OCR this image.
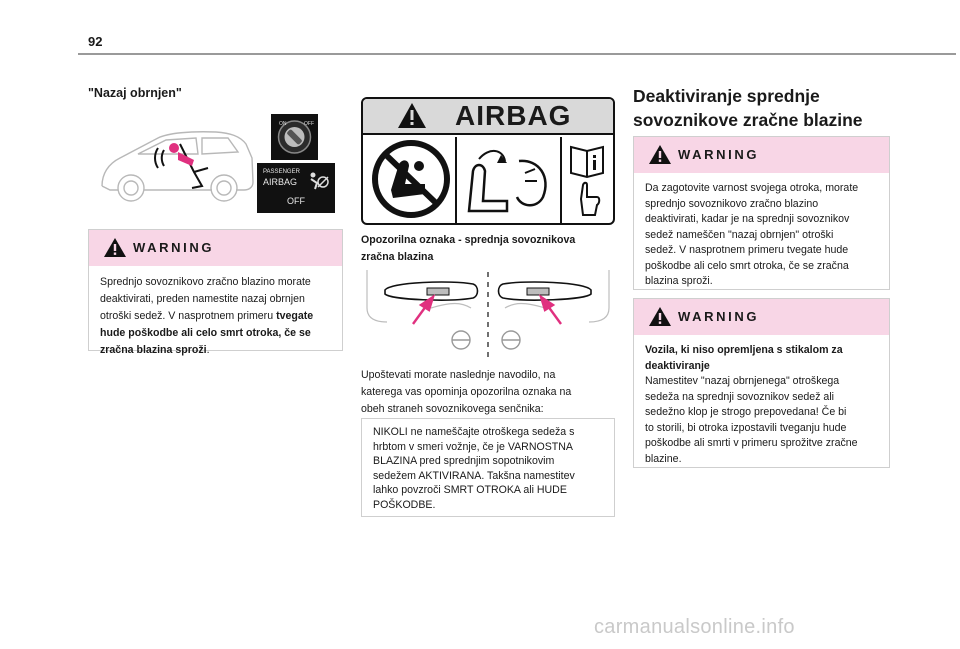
92
"Nazaj obrnjen"
ON	OFF
PASSENGER
AIRBAG
OFF
WARNING
Sprednjo sovoznikovo zračno blazino morate deaktivirati, preden namestite nazaj obrnjen otroški sedež. V nasprotnem primeru tvegate hude poškodbe ali celo smrt otroka, če se zračna blazina sproži.
AIRBAG
Opozorilna oznaka - sprednja sovoznikova
zračna blazina
Upoštevati morate naslednje navodilo, na
katerega vas opominja opozorilna oznaka na
obeh straneh sovoznikovega senčnika:
NIKOLI ne nameščajte otroškega sedeža s
hrbtom v smeri vožnje, če je VARNOSTNA
BLAZINA pred sprednjim sopotnikovim
sedežem AKTIVIRANA. Takšna namestitev
lahko povzroči SMRT OTROKA ali HUDE
POŠKODBE.
Deaktiviranje sprednje
sovoznikove zračne blazine
WARNING
Da zagotovite varnost svojega otroka, morate
sprednjo sovoznikovo zračno blazino
deaktivirati, kadar je na sprednji sovoznikov
sedež nameščen "nazaj obrnjen" otroški
sedež. V nasprotnem primeru tvegate hude
poškodbe ali celo smrt otroka, če se zračna
blazina sproži.
WARNING
Vozila, ki niso opremljena s stikalom za
deaktiviranje
Namestitev "nazaj obrnjenega" otroškega
sedeža na sprednji sovoznikov sedež ali
sedežno klop je strogo prepovedana! Če bi
to storili, bi otroka izpostavili tveganju hude
poškodbe ali smrti v primeru sprožitve zračne
blazine.
carmanualsonline.info
